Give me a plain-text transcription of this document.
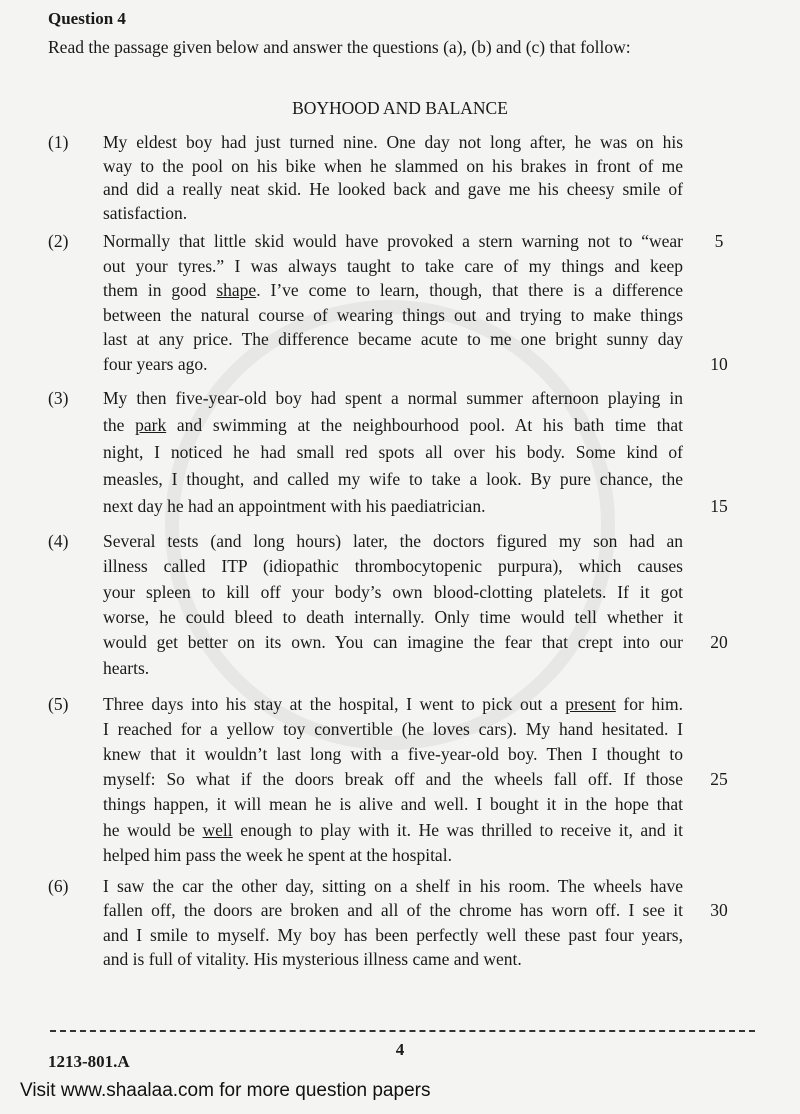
Question 4
Read the passage given below and answer the questions (a), (b) and (c) that follow:
BOYHOOD AND BALANCE
(1) My eldest boy had just turned nine. One day not long after, he was on his
way to the pool on his bike when he slammed on his brakes in front of me
and did a really neat skid. He looked back and gave me his cheesy smile of
satisfaction.
(2) Normally that little skid would have provoked a stern warning not to “wear	5
out your tyres.” I was always taught to take care of my things and keep
them in good shape. I’ve come to learn, though, that there is a difference
between the natural course of wearing things out and trying to make things
last at any price. The difference became acute to me one bright sunny day
four years ago.	10
(3) My then five-year-old boy had spent a normal summer afternoon playing in
the park and swimming at the neighbourhood pool. At his bath time that
night, I noticed he had small red spots all over his body. Some kind of
measles, I thought, and called my wife to take a look. By pure chance, the
next day he had an appointment with his paediatrician.	15
(4) Several tests (and long hours) later, the doctors figured my son had an
illness called ITP (idiopathic thrombocytopenic purpura), which causes
your spleen to kill off your body’s own blood-clotting platelets. If it got
worse, he could bleed to death internally. Only time would tell whether it
would get better on its own. You can imagine the fear that crept into our	20
hearts.
(5) Three days into his stay at the hospital, I went to pick out a present for him.
I reached for a yellow toy convertible (he loves cars). My hand hesitated. I
knew that it wouldn’t last long with a five-year-old boy. Then I thought to
myself: So what if the doors break off and the wheels fall off. If those	25
things happen, it will mean he is alive and well. I bought it in the hope that
he would be well enough to play with it. He was thrilled to receive it, and it
helped him pass the week he spent at the hospital.
(6) I saw the car the other day, sitting on a shelf in his room. The wheels have
fallen off, the doors are broken and all of the chrome has worn off. I see it	30
and I smile to myself. My boy has been perfectly well these past four years,
and is full of vitality. His mysterious illness came and went.
4
1213-801.A
Visit www.shaalaa.com for more question papers
